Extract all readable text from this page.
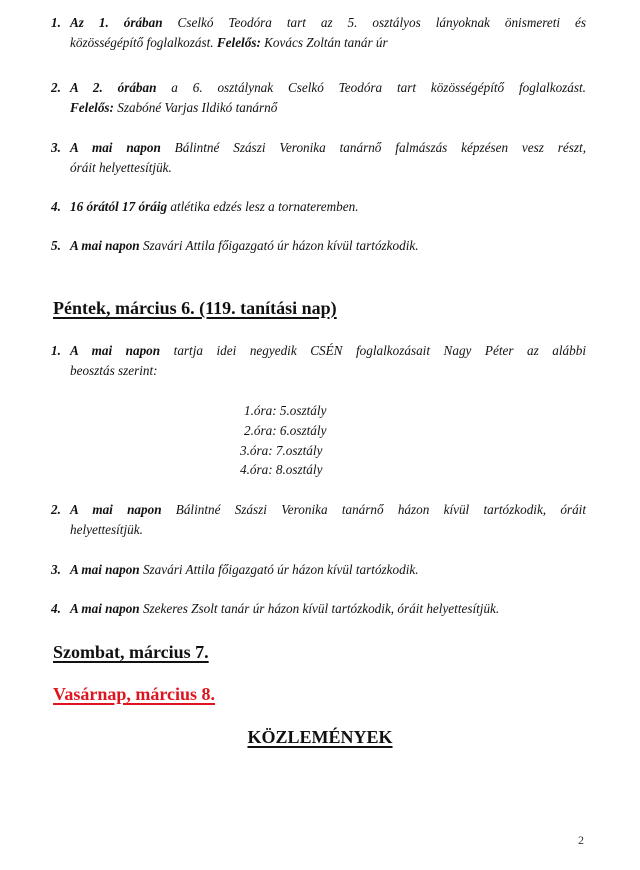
1. Az 1. órában Cselkó Teodóra tart az 5. osztályos lányoknak önismereti és
közösségépítő foglalkozást. Felelős: Kovács Zoltán tanár úr
2. A 2. órában a 6. osztálynak Cselkó Teodóra tart közösségépítő foglalkozást.
Felelős: Szabóné Varjas Ildikó tanárnő
3. A mai napon Bálintné Szászi Veronika tanárnő falmászás képzésen vesz részt,
óráit helyettesítjük.
4. 16 órától 17 óráig atlétika edzés lesz a tornateremben.
5. A mai napon Szavári Attila főigazgató úr házon kívül tartózkodik.
Péntek, március 6. (119. tanítási nap)
1. A mai napon tartja idei negyedik CSÉN foglalkozásait Nagy Péter az alábbi
beosztás szerint:
1.óra: 5.osztály
2.óra: 6.osztály
3.óra: 7.osztály
4.óra: 8.osztály
2. A mai napon Bálintné Szászi Veronika tanárnő házon kívül tartózkodik, óráit
helyettesítjük.
3. A mai napon Szavári Attila főigazgató úr házon kívül tartózkodik.
4. A mai napon Szekeres Zsolt tanár úr házon kívül tartózkodik, óráit helyettesítjük.
Szombat, március 7.
Vasárnap, március 8.
KÖZLEMÉNYEK
2
